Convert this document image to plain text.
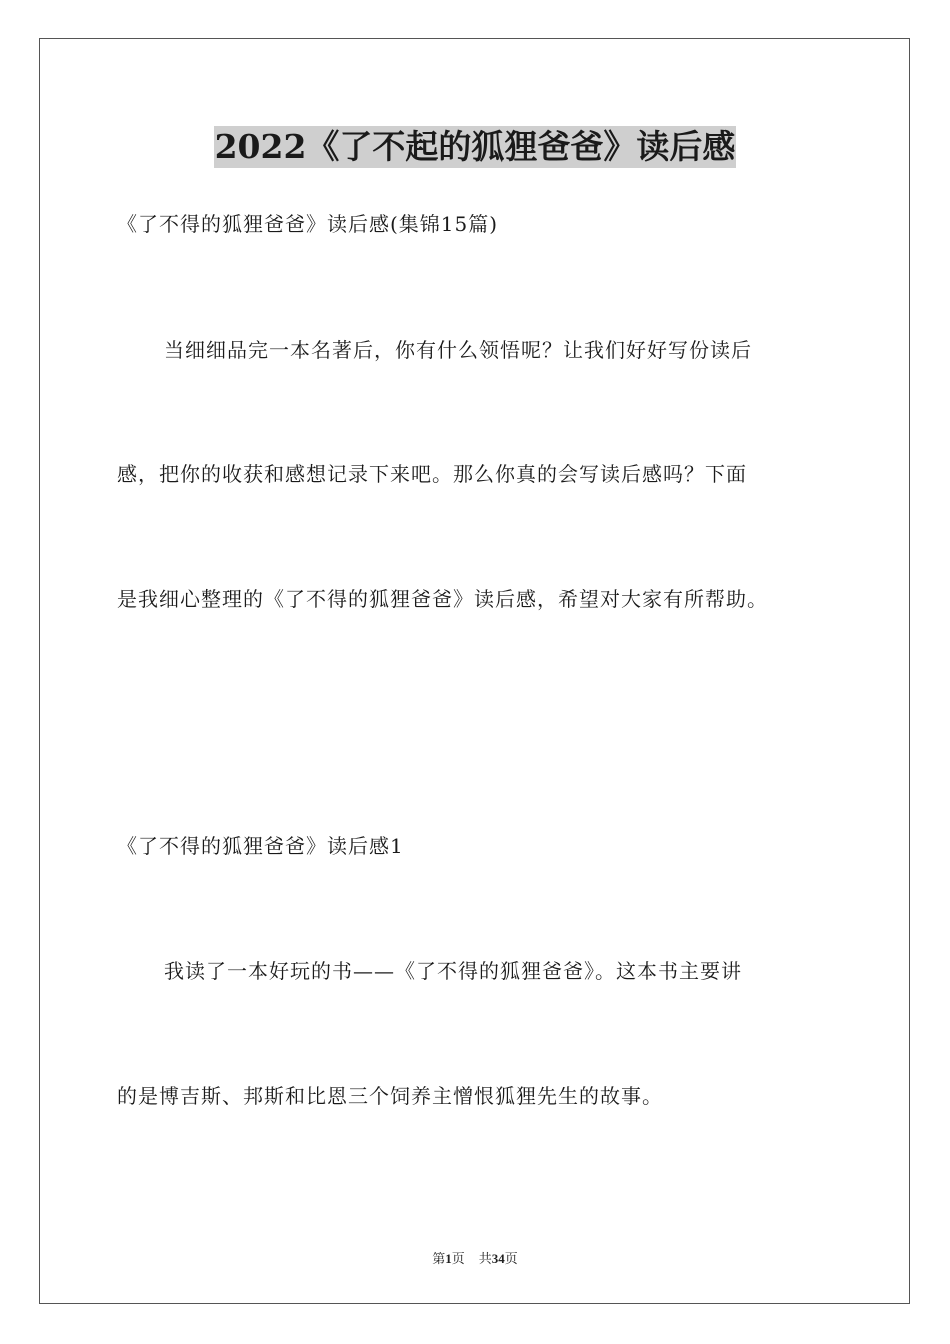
2022《了不起的狐狸爸爸》读后感
《了不得的狐狸爸爸》读后感(集锦15篇)
当细细品完一本名著后，你有什么领悟呢？让我们好好写份读后
感，把你的收获和感想记录下来吧。那么你真的会写读后感吗？下面
是我细心整理的《了不得的狐狸爸爸》读后感，希望对大家有所帮助。
《了不得的狐狸爸爸》读后感1
我读了一本好玩的书——《了不得的狐狸爸爸》。这本书主要讲
的是博吉斯、邦斯和比恩三个饲养主憎恨狐狸先生的故事。
第1页 共34页
